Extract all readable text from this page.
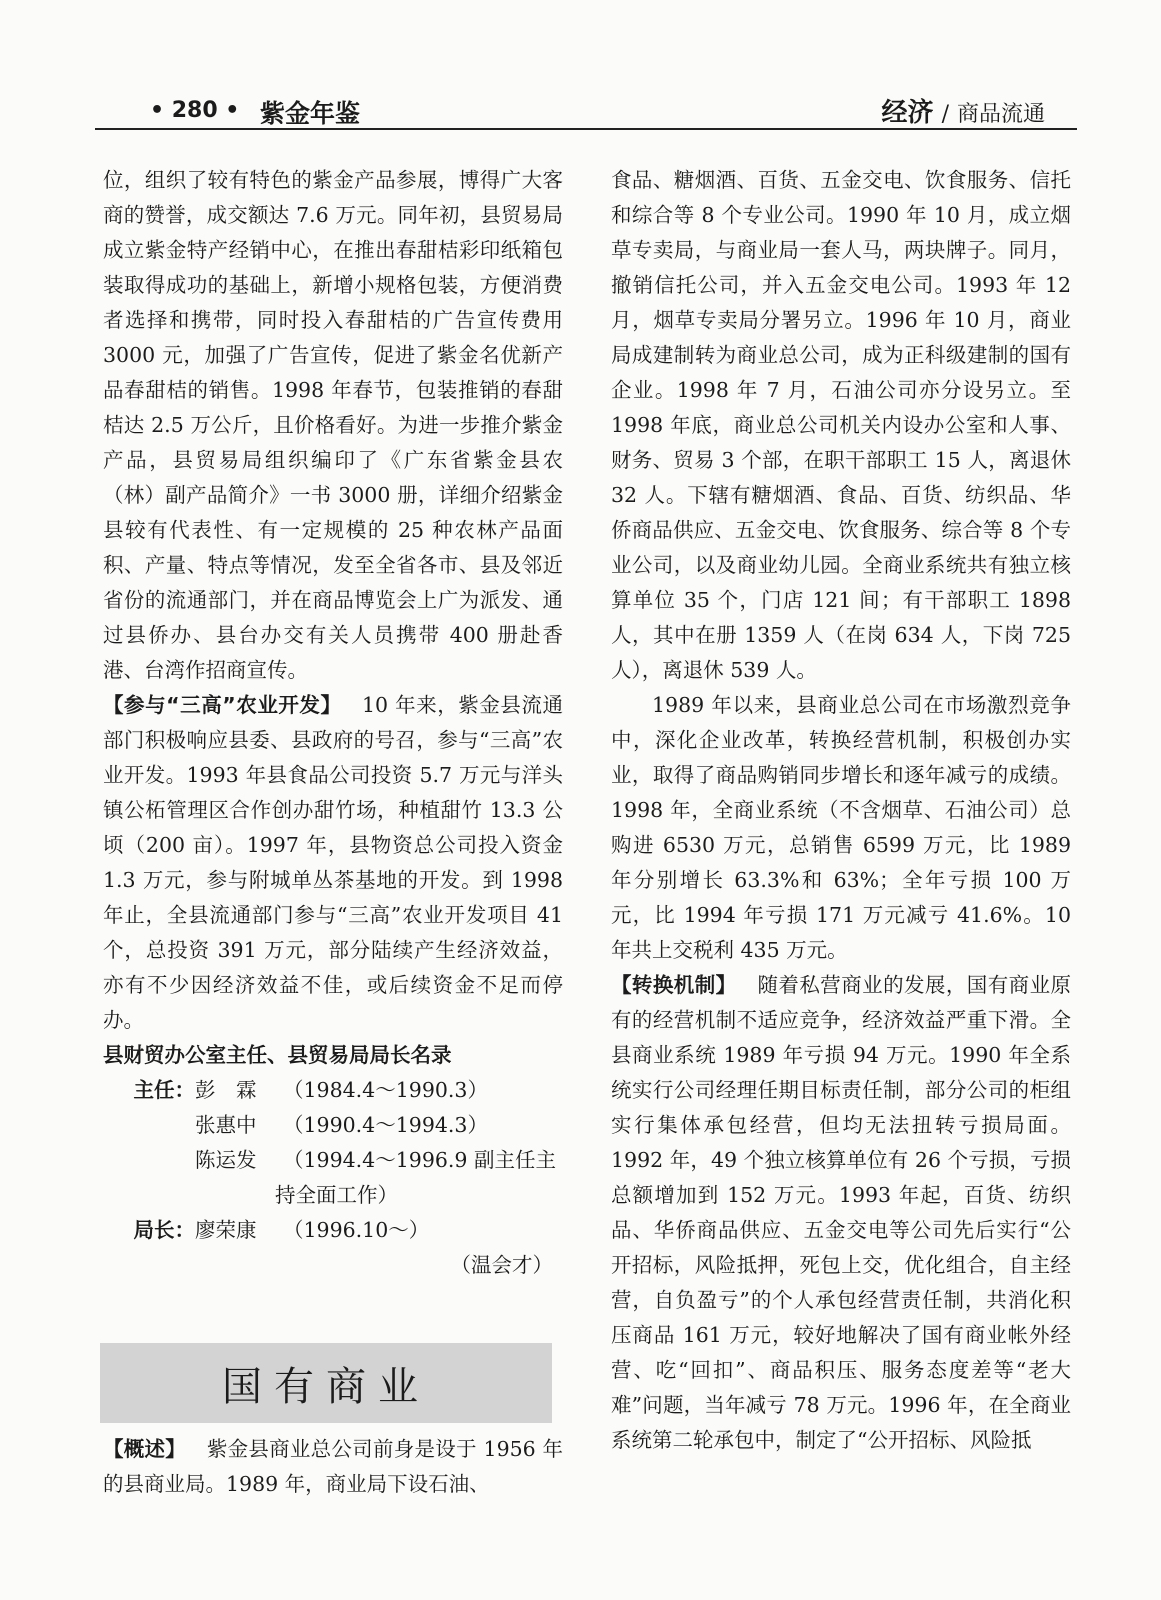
• 280 • 紫金年鉴	经济 / 商品流通

位，组织了较有特色的紫金产品参展，博得广大客商的赞誉，成交额达 7.6 万元。同年初，县贸易局成立紫金特产经销中心，在推出春甜桔彩印纸箱包装取得成功的基础上，新增小规格包装，方便消费者选择和携带，同时投入春甜桔的广告宣传费用 3000 元，加强了广告宣传，促进了紫金名优新产品春甜桔的销售。1998 年春节，包装推销的春甜桔达 2.5 万公斤，且价格看好。为进一步推介紫金产品，县贸易局组织编印了《广东省紫金县农（林）副产品简介》一书 3000 册，详细介绍紫金县较有代表性、有一定规模的 25 种农林产品面积、产量、特点等情况，发至全省各市、县及邻近省份的流通部门，并在商品博览会上广为派发、通过县侨办、县台办交有关人员携带 400 册赴香港、台湾作招商宣传。

【参与“三高”农业开发】  10 年来，紫金县流通部门积极响应县委、县政府的号召，参与“三高”农业开发。1993 年县食品公司投资 5.7 万元与洋头镇公柘管理区合作创办甜竹场，种植甜竹 13.3 公顷（200 亩）。1997 年，县物资总公司投入资金 1.3 万元，参与附城单丛茶基地的开发。到 1998 年止，全县流通部门参与“三高”农业开发项目 41 个，总投资 391 万元，部分陆续产生经济效益，亦有不少因经济效益不佳，或后续资金不足而停办。

县财贸办公室主任、县贸易局局长名录

主任： 彭　霖	（1984.4～1990.3）
张惠中	（1990.4～1994.3）
陈运发	（1994.4～1996.9 副主任主
持全面工作）
局长： 廖荣康	（1996.10～）

（温会才）

国有商业

【概述】  紫金县商业总公司前身是设于 1956 年的县商业局。1989 年，商业局下设石油、

食品、糖烟酒、百货、五金交电、饮食服务、信托和综合等 8 个专业公司。1990 年 10 月，成立烟草专卖局，与商业局一套人马，两块牌子。同月，撤销信托公司，并入五金交电公司。1993 年 12 月，烟草专卖局分署另立。1996 年 10 月，商业局成建制转为商业总公司，成为正科级建制的国有企业。1998 年 7 月，石油公司亦分设另立。至 1998 年底，商业总公司机关内设办公室和人事、财务、贸易 3 个部，在职干部职工 15 人，离退休 32 人。下辖有糖烟酒、食品、百货、纺织品、华侨商品供应、五金交电、饮食服务、综合等 8 个专业公司，以及商业幼儿园。全商业系统共有独立核算单位 35 个，门店 121 间；有干部职工 1898 人，其中在册 1359 人（在岗 634 人，下岗 725 人），离退休 539 人。

1989 年以来，县商业总公司在市场激烈竞争中，深化企业改革，转换经营机制，积极创办实业，取得了商品购销同步增长和逐年减亏的成绩。1998 年，全商业系统（不含烟草、石油公司）总购进 6530 万元，总销售 6599 万元，比 1989 年分别增长 63.3%和 63%；全年亏损 100 万元，比 1994 年亏损 171 万元减亏 41.6%。10 年共上交税利 435 万元。

【转换机制】  随着私营商业的发展，国有商业原有的经营机制不适应竞争，经济效益严重下滑。全县商业系统 1989 年亏损 94 万元。1990 年全系统实行公司经理任期目标责任制，部分公司的柜组实行集体承包经营，但均无法扭转亏损局面。1992 年，49 个独立核算单位有 26 个亏损，亏损总额增加到 152 万元。1993 年起，百货、纺织品、华侨商品供应、五金交电等公司先后实行“公开招标，风险抵押，死包上交，优化组合，自主经营，自负盈亏”的个人承包经营责任制，共消化积压商品 161 万元，较好地解决了国有商业帐外经营、吃“回扣”、商品积压、服务态度差等“老大难”问题，当年减亏 78 万元。1996 年，在全商业系统第二轮承包中，制定了“公开招标、风险抵
